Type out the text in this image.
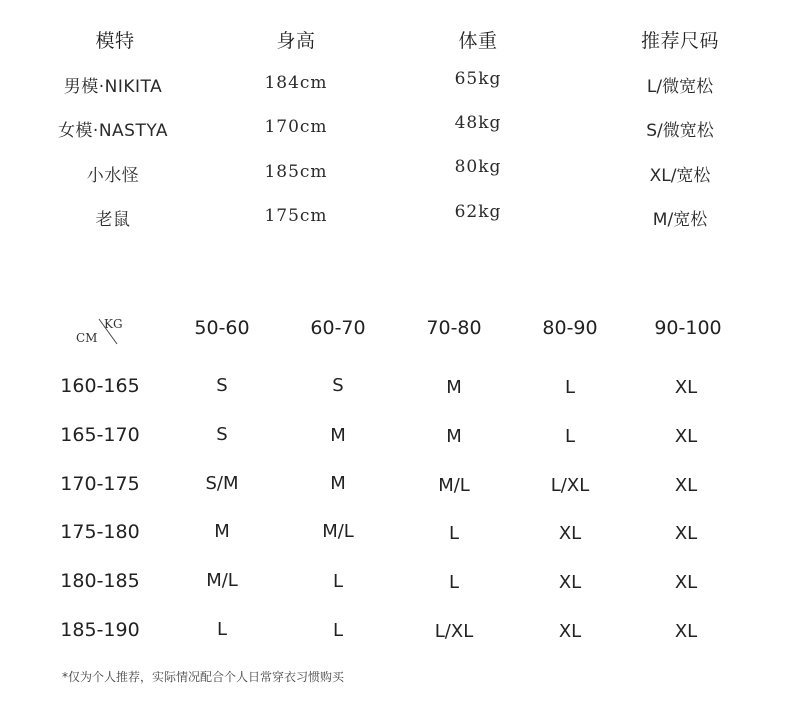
模特	身高	体重	推荐尺码
男模·NIKITA	184cm	65kg	L/微宽松
女模·NASTYA	170cm	48kg	S/微宽松
小水怪	185cm	80kg	XL/宽松
老鼠	175cm	62kg	M/宽松
KG
CM	50-60	60-70	70-80	80-90	90-100
160-165	S	S	M	L	XL
165-170	S	M	M	L	XL
170-175	S/M	M	M/L	L/XL	XL
175-180	M	M/L	L	XL	XL
180-185	M/L	L	L	XL	XL
185-190	L	L	L/XL	XL	XL
*仅为个人推荐，实际情况配合个人日常穿衣习惯购买
